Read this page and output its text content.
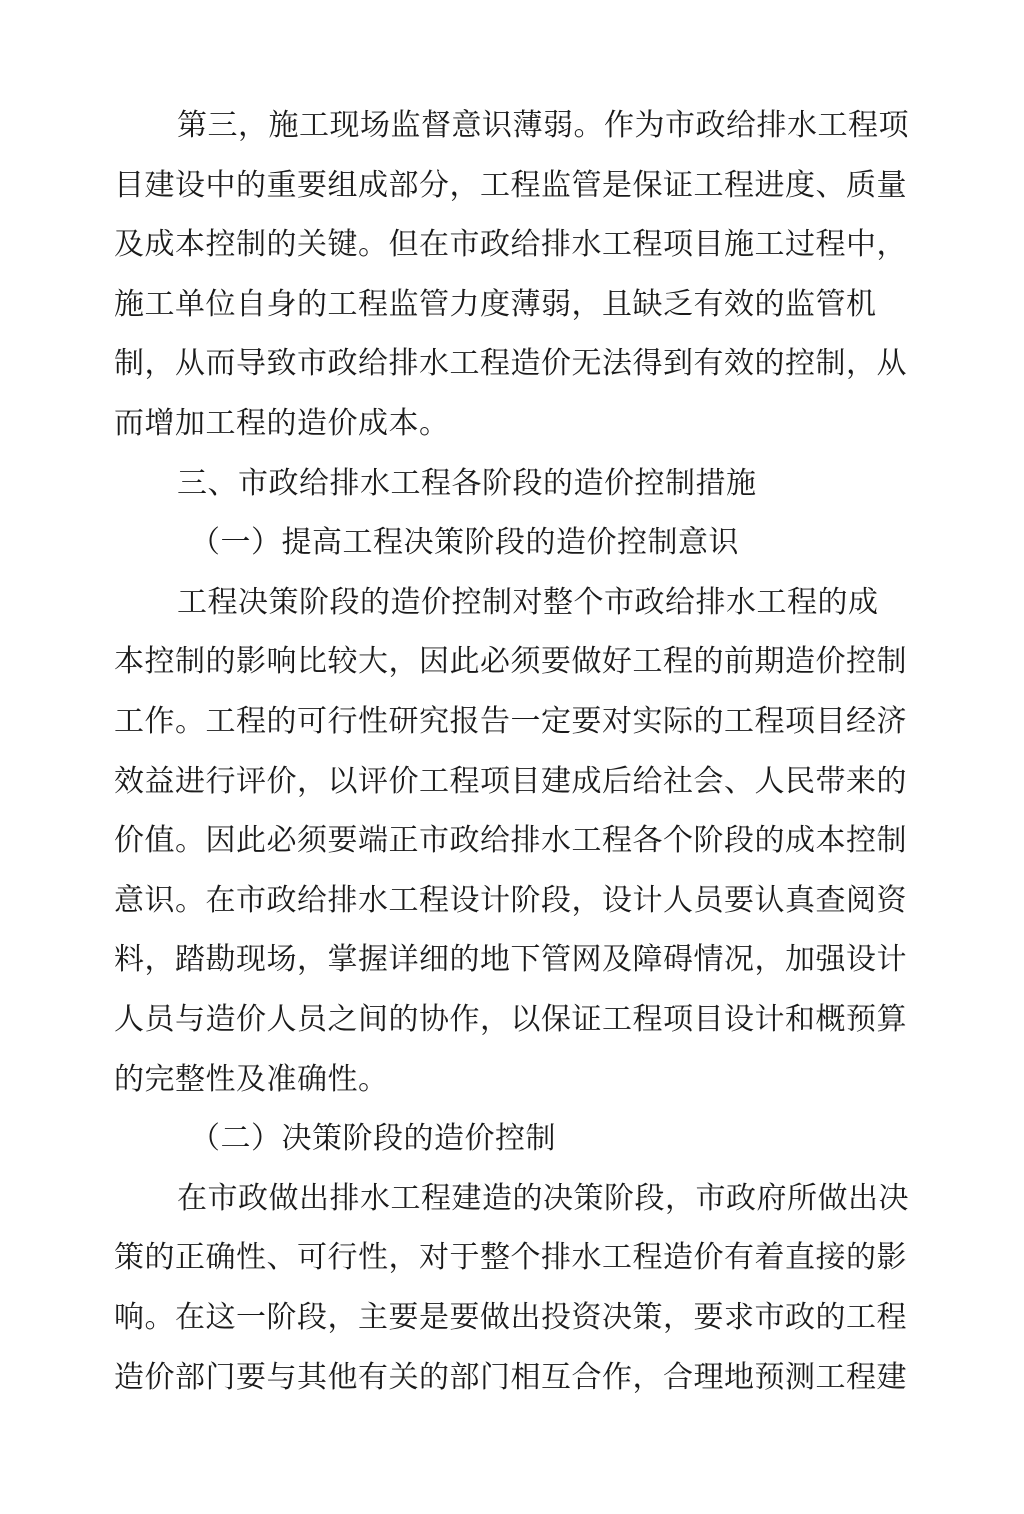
第三，施工现场监督意识薄弱。作为市政给排水工程项
目建设中的重要组成部分，工程监管是保证工程进度、质量
及成本控制的关键。但在市政给排水工程项目施工过程中，
施工单位自身的工程监管力度薄弱，且缺乏有效的监管机
制，从而导致市政给排水工程造价无法得到有效的控制，从
而增加工程的造价成本。
三、市政给排水工程各阶段的造价控制措施
（一）提高工程决策阶段的造价控制意识
工程决策阶段的造价控制对整个市政给排水工程的成
本控制的影响比较大，因此必须要做好工程的前期造价控制
工作。工程的可行性研究报告一定要对实际的工程项目经济
效益进行评价，以评价工程项目建成后给社会、人民带来的
价值。因此必须要端正市政给排水工程各个阶段的成本控制
意识。在市政给排水工程设计阶段，设计人员要认真查阅资
料，踏勘现场，掌握详细的地下管网及障碍情况，加强设计
人员与造价人员之间的协作，以保证工程项目设计和概预算
的完整性及准确性。
（二）决策阶段的造价控制
在市政做出排水工程建造的决策阶段，市政府所做出决
策的正确性、可行性，对于整个排水工程造价有着直接的影
响。在这一阶段，主要是要做出投资决策，要求市政的工程
造价部门要与其他有关的部门相互合作，合理地预测工程建
